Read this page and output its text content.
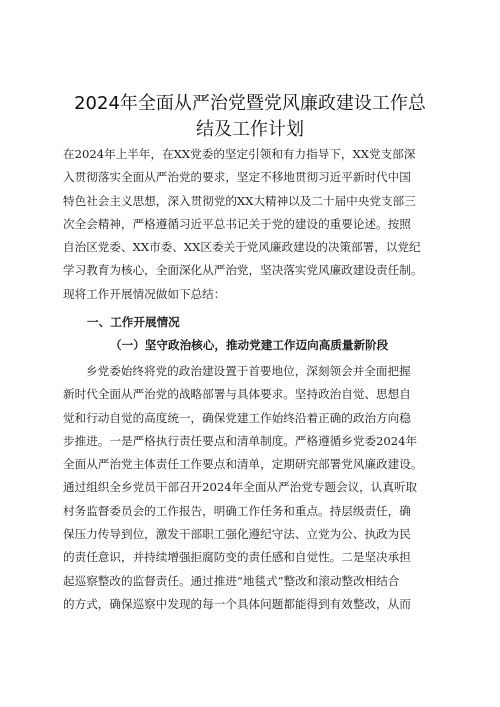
2024年全面从严治党暨党风廉政建设工作总
结及工作计划

在2024年上半年，在XX党委的坚定引领和有力指导下，XX党支部深
入贯彻落实全面从严治党的要求，坚定不移地贯彻习近平新时代中国
特色社会主义思想，深入贯彻党的XX大精神以及二十届中央党支部三
次全会精神，严格遵循习近平总书记关于党的建设的重要论述。按照
自治区党委、XX市委、XX区委关于党风廉政建设的决策部署，以党纪
学习教育为核心，全面深化从严治党，坚决落实党风廉政建设责任制。
现将工作开展情况做如下总结：

一、工作开展情况
（一）坚守政治核心，推动党建工作迈向高质量新阶段

乡党委始终将党的政治建设置于首要地位，深刻领会并全面把握
新时代全面从严治党的战略部署与具体要求。坚持政治自觉、思想自
觉和行动自觉的高度统一，确保党建工作始终沿着正确的政治方向稳
步推进。一是严格执行责任要点和清单制度。严格遵循乡党委2024年
全面从严治党主体责任工作要点和清单，定期研究部署党风廉政建设。
通过组织全乡党员干部召开2024年全面从严治党专题会议，认真听取
村务监督委员会的工作报告，明确工作任务和重点。持层级责任，确
保压力传导到位，激发干部职工强化遵纪守法、立党为公、执政为民
的责任意识，并持续增强拒腐防变的责任感和自觉性。二是坚决承担
起巡察整改的监督责任。通过推进“地毯式”整改和滚动整改相结合
的方式，确保巡察中发现的每一个具体问题都能得到有效整改，从而
